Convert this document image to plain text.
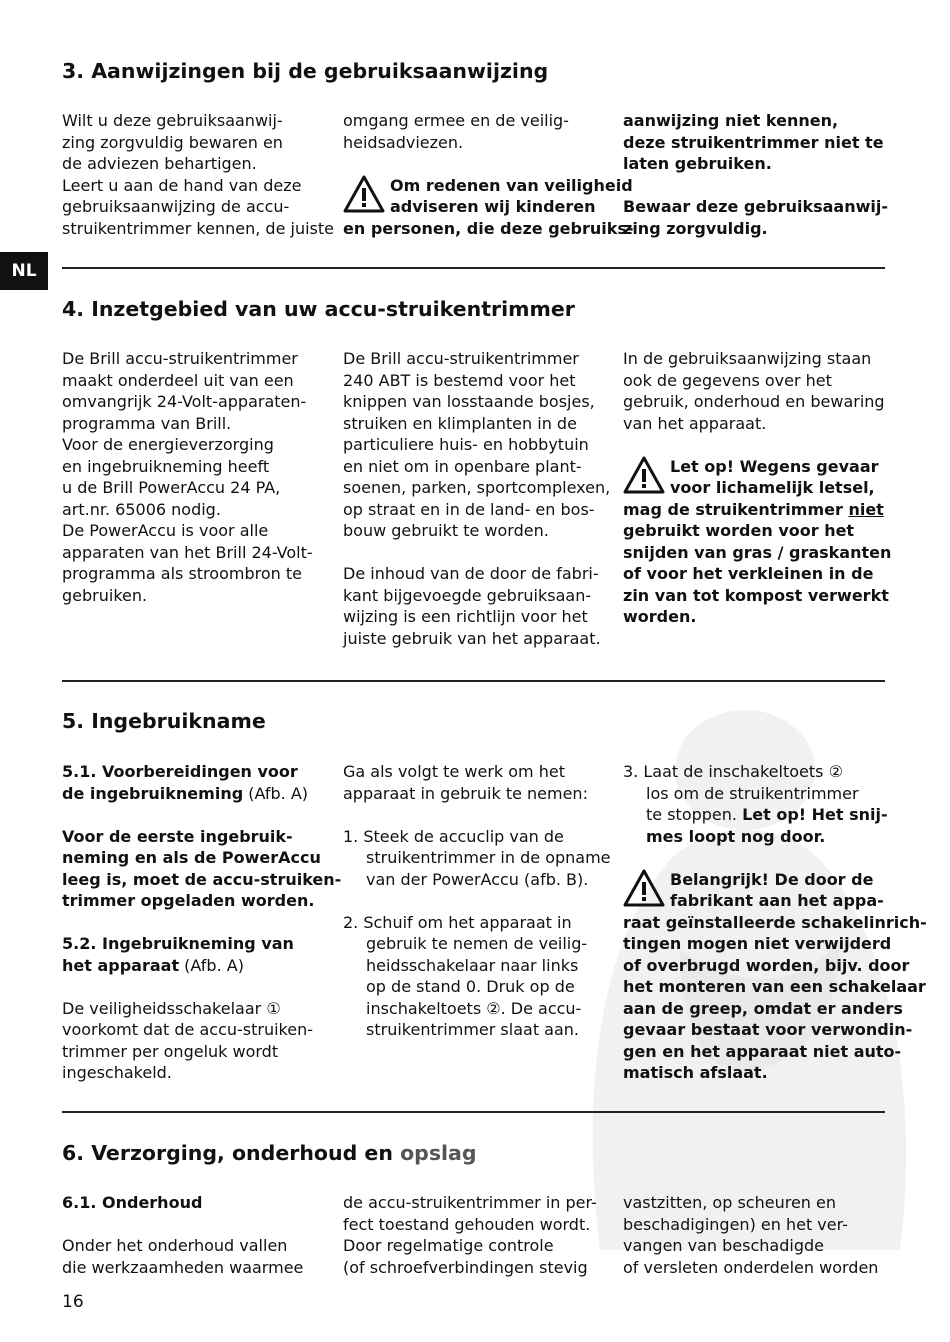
NL
3. Aanwijzingen bij de gebruiksaanwijzing

Wilt u deze gebruiksaanwij-

zing zorgvuldig bewaren en

de adviezen behartigen.

Leert u aan de hand van deze

gebruiksaanwijzing de accu-

struikentrimmer kennen, de juiste

omgang ermee en de veilig-

heidsadviezen.

Om redenen van veiligheid

adviseren wij kinderen

en personen, die deze gebruiks-

aanwijzing niet kennen,

deze struikentrimmer niet te

laten gebruiken.

Bewaar deze gebruiksaanwij-

zing zorgvuldig.

4. Inzetgebied van uw accu-struikentrimmer

De Brill accu-struikentrimmer

maakt onderdeel uit van een

omvangrijk 24-Volt-apparaten-

programma van Brill.

Voor de energieverzorging

en ingebruikneming heeft

u de Brill PowerAccu 24 PA,

art.nr. 65006 nodig.

De PowerAccu is voor alle

apparaten van het Brill 24-Volt-

programma als stroombron te

gebruiken.

De Brill accu-struikentrimmer

240 ABT is bestemd voor het

knippen van losstaande bosjes,

struiken en klimplanten in de

particuliere huis- en hobbytuin

en niet om in openbare plant-

soenen, parken, sportcomplexen,

op straat en in de land- en bos-

bouw gebruikt te worden.

De inhoud van de door de fabri-

kant bijgevoegde gebruiksaan-

wijzing is een richtlijn voor het

juiste gebruik van het apparaat.

In de gebruiksaanwijzing staan

ook de gegevens over het

gebruik, onderhoud en bewaring

van het apparaat.

Let op! Wegens gevaar

voor lichamelijk letsel,

mag de struikentrimmer niet

gebruikt worden voor het

snijden van gras / graskanten

of voor het verkleinen in de

zin van tot kompost verwerkt

worden.

5. Ingebruikname

5.1. Voorbereidingen voor

de ingebruikneming (Afb. A)

Voor de eerste ingebruik-

neming en als de PowerAccu

leeg is, moet de accu-struiken-

trimmer opgeladen worden.

5.2. Ingebruikneming van

het apparaat (Afb. A)

De veiligheidsschakelaar ①

voorkomt dat de accu-struiken-

trimmer per ongeluk wordt

ingeschakeld.

Ga als volgt te werk om het

apparaat in gebruik te nemen:

1. Steek de accuclip van de

struikentrimmer in de opname

van der PowerAccu (afb. B).

2. Schuif om het apparaat in

gebruik te nemen de veilig-

heidsschakelaar naar links

op de stand 0. Druk op de

inschakeltoets ②. De accu-

struikentrimmer slaat aan.

3. Laat de inschakeltoets ②

los om de struikentrimmer

te stoppen. Let op! Het snij-

mes loopt nog door.

Belangrijk! De door de

fabrikant aan het appa-

raat geïnstalleerde schakelinrich-

tingen mogen niet verwijderd

of overbrugd worden, bijv. door

het monteren van een schakelaar

aan de greep, omdat er anders

gevaar bestaat voor verwondin-

gen en het apparaat niet auto-

matisch afslaat.

6. Verzorging, onderhoud en opslag

6.1. Onderhoud

Onder het onderhoud vallen

die werkzaamheden waarmee

de accu-struikentrimmer in per-

fect toestand gehouden wordt.

Door regelmatige controle

(of schroefverbindingen stevig

vastzitten, op scheuren en

beschadigingen) en het ver-

vangen van beschadigde

of versleten onderdelen worden

16
